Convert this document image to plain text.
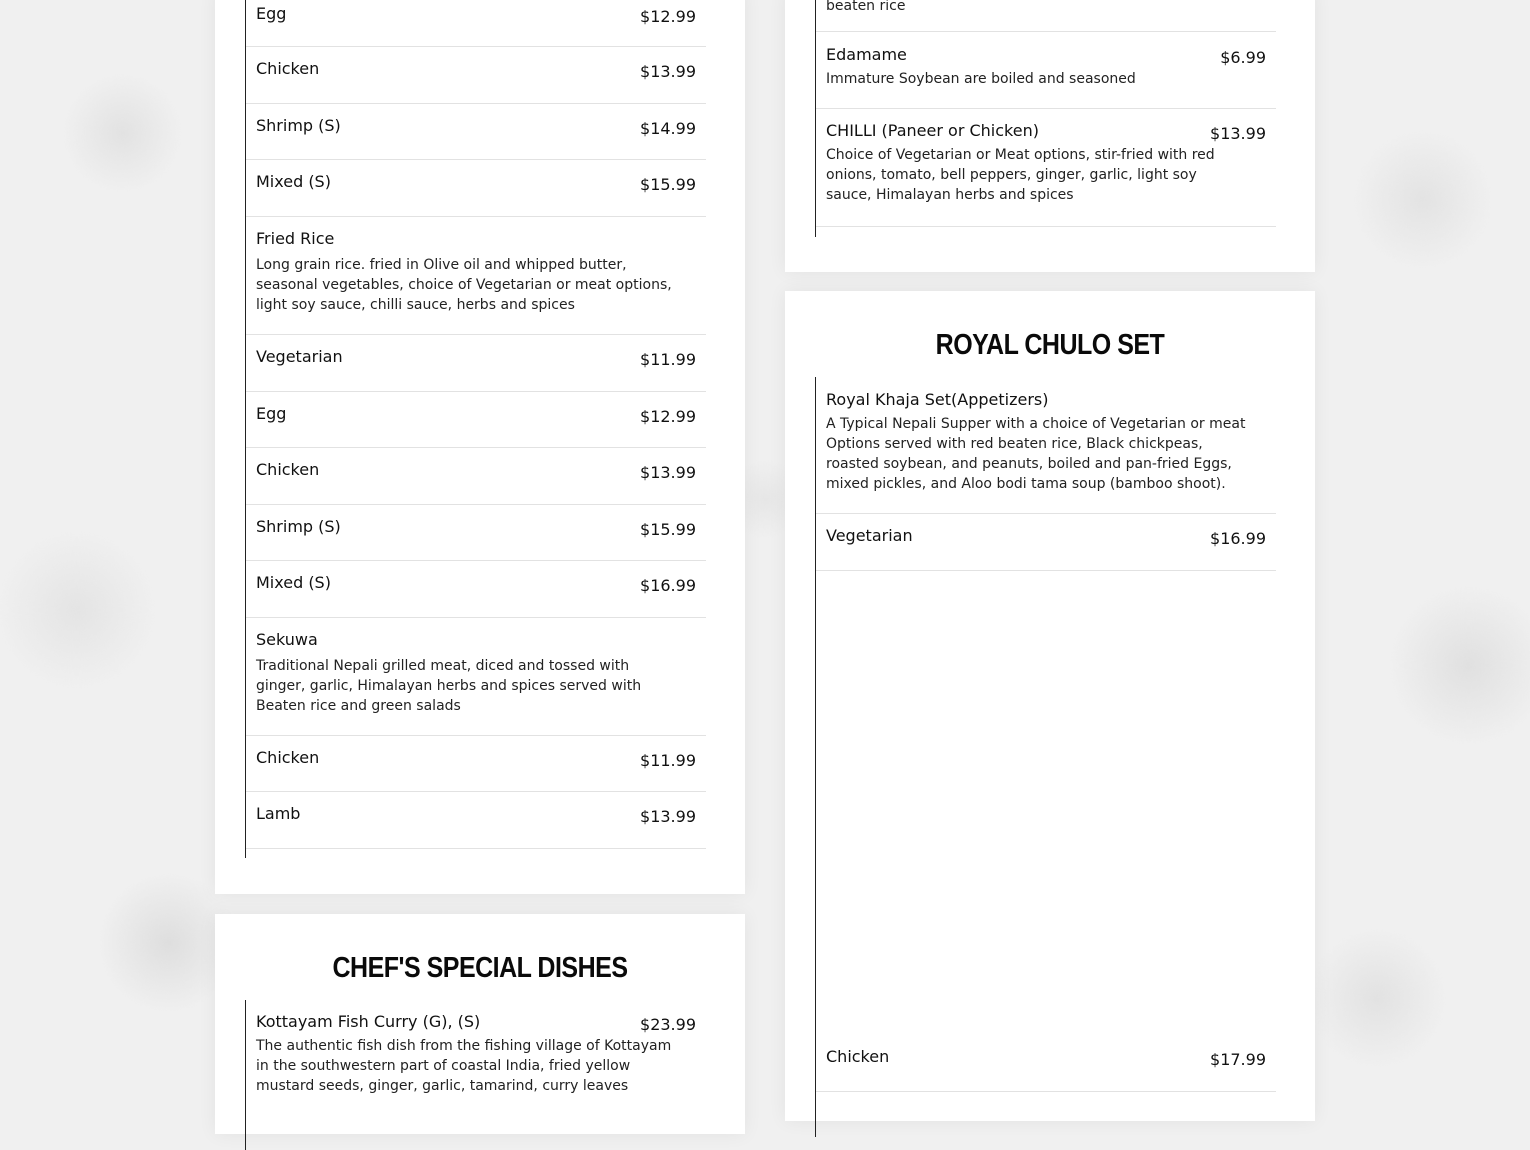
Egg	$12.99
Chicken	$13.99
Shrimp (S)	$14.99
Mixed (S)	$15.99
Fried Rice
Long grain rice. fried in Olive oil and whipped butter, seasonal vegetables, choice of Vegetarian or meat options, light soy sauce, chilli sauce, herbs and spices
Vegetarian	$11.99
Egg	$12.99
Chicken	$13.99
Shrimp (S)	$15.99
Mixed (S)	$16.99
Sekuwa
Traditional Nepali grilled meat, diced and tossed with ginger, garlic, Himalayan herbs and spices served with Beaten rice and green salads
Chicken	$11.99
Lamb	$13.99
CHEF'S SPECIAL DISHES
Kottayam Fish Curry (G), (S)	$23.99
The authentic fish dish from the fishing village of Kottayam in the southwestern part of coastal India, fried yellow mustard seeds, ginger, garlic, tamarind, curry leaves
beaten rice
Edamame	$6.99
Immature Soybean are boiled and seasoned
CHILLI (Paneer or Chicken)	$13.99
Choice of Vegetarian or Meat options, stir-fried with red onions, tomato, bell peppers, ginger, garlic, light soy sauce, Himalayan herbs and spices
ROYAL CHULO SET
Royal Khaja Set(Appetizers)
A Typical Nepali Supper with a choice of Vegetarian or meat Options served with red beaten rice, Black chickpeas, roasted soybean, and peanuts, boiled and pan-fried Eggs, mixed pickles, and Aloo bodi tama soup (bamboo shoot).
Vegetarian	$16.99
Chicken	$17.99
